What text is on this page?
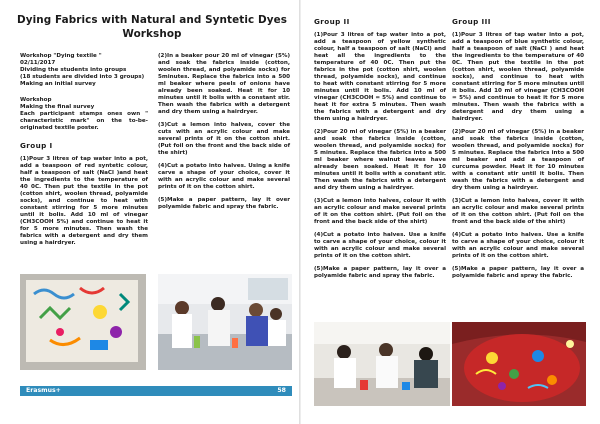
Dying Fabrics with Natural and Syntetic Dyes Workshop

Workshop "Dying textile "
02/11/2017
Dividing the students into groups
(18 students are divided into 3 groups)
Making an initial survey

Workshop
Making the final survey
Each participant stamps ones own " characteristic mark" on the to-be-originated textile poster.

Group I

(1)Pour 3 litres of tap water into a pot, add a teaspoon of red syntetic colour, half a teaspoon of salt (NaCl )and heat the ingredients to the temperature of 40 0C. Then put the textile in the pot (cotton shirt, woolen thread, polyamide socks), and continue to heat with constant stirring for 5 more minutes until it bolis. Add 10 ml of vinegar (CH3COOH 5%) and continue to heat it for 5 more minutes. Then wash the fabrics with a detergent and dry them using a hairdryer.

(2)In a beaker pour 20 ml of vinegar (5%) and soak the fabrics inside (cotton, woolen thread, and polyamide socks) for 5minutes. Replace the fabrics into a 500 ml beaker where peels of onions have already been soaked. Heat it for 10 minutes until it bolis with a constant stir. Then wash the fabrics with a detergent and dry them using a hairdryer.

(3)Cut a lemon into halves, cover the cuts with an acrylic colour and make several prints of it on the cotton shirt. (Put foil on the front and the back side of the shirt)

(4)Cut a potato into halves. Using a knife carve a shape of your choice, cover it with an acrylic colour and make several prints of it on the cotton shirt.

(5)Make a paper pattern, lay it over polyamide fabric and spray the fabric.

Erasmus+	58
Group II

(1)Pour 3 litres of tap water into a pot, add a teaspoon of yellow synthetic colour, half a teaspoon of salt (NaCl) and heat all the ingredients to the temperature of 40 0C. Then put the fabrics in the pot (cotton shirt, woolen thread, polyamide socks), and continue to heat with constant stirring for 5 more minutes until it bolis. Add 10 ml of vinegar (CH3COOH = 5%) and continue to heat it for extra 5 minutes. Then wash the fabrics with a detergent and dry them using a hairdryer.

(2)Pour 20 ml of vinegar (5%) in a beaker and soak the fabrics inside (cotton, woolen thread, and polyamide socks) for 5 minutes. Replace the fabrics into a 500 ml beaker where walnut leaves have already been soaked. Heat it for 10 minutes until it bolis with a constant stir. Then wash the fabrics with a detergent and dry them using a hairdryer.

(3)Cut a lemon into halves, colour it with an acrylic colour and make several prints of it on the cotton shirt. (Put foil on the front and the back side of the shirt)

(4)Cut a potato into halves. Use a knife to carve a shape of your choice, colour it with an acrylic colour and make several prints of it on the cotton shirt.

(5)Make a paper pattern, lay it over a polyamide fabric and spray the fabric.

Group III

(1)Pour 3 litres of tap water into a pot, add a teaspoon of blue synthetic colour, half a teaspoon of salt (NaCl ) and heat the ingredients to the temperature of 40 0C. Then put the textile in the pot (cotton shirt, woolen thread, polyamide socks), and continue to heat with constant stirring for 5 more minutes until it bolis. Add 10 ml of vinegar (CH3COOH = 5%) and continue to heat it for 5 more minutes. Then wash the fabrics with a detergent and dry them using a hairdryer.

(2)Pour 20 ml of vinegar (5%) in a beaker and soak the fabrics inside (cotton, woolen thread, and polyamide socks) for 5 minutes. Replace the fabrics into a 500 ml beaker and add a teaspoon of curcuma powder. Heat it for 10 minutes with a constant stir until it bolis. Then wash the fabrics with a detergent and dry them using a hairdryer.

(3)Cut a lemon into halves, cover it with an acrylic colour and make several prints of it on the cotton shirt. (Put foil on the front and the back side of the shirt)

(4)Cut a potato into halves. Use a knife to carve a shape of your choice, colour it with an acrylic colour and make several prints of it on the cotton shirt.

(5)Make a paper pattern, lay it over a polyamide fabric and spray the fabric.
